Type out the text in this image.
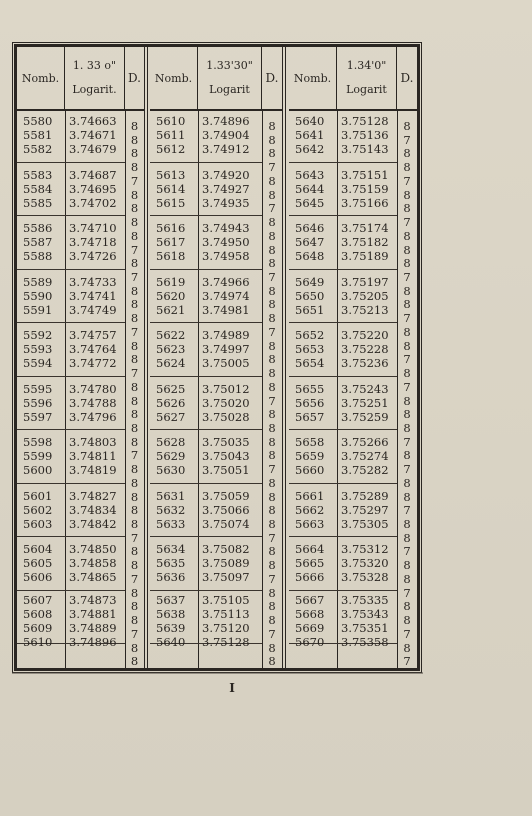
Nomb.
1. 33 o"
Logarit.
D.
5580 3.74663
5581 3.74671
5582 3.74679
5583 3.74687
5584 3.74695
5585 3.74702
5586 3.74710
5587 3.74718
5588 3.74726
5589 3.74733
5590 3.74741
5591 3.74749
5592 3.74757
5593 3.74764
5594 3.74772
5595 3.74780
5596 3.74788
5597 3.74796
5598 3.74803
5599 3.74811
5600 3.74819
5601 3.74827
5602 3.74834
5603 3.74842
5604 3.74850
5605 3.74858
5606 3.74865
5607 3.74873
5608 3.74881
5609 3.74889
5610 3.74896
8
8
8
8
7
8
8
8
8
7
8
7
8
8
8
7
8
8
7
8
8
8
8
8
7
8
8
8
8
8
7
8
8
7
8
8
8
7
8
8
Nomb.
1.33'30"
Logarit
D.
5610 3.74896
5611 3.74904
5612 3.74912
5613 3.74920
5614 3.74927
5615 3.74935
5616 3.74943
5617 3.74950
5618 3.74958
5619 3.74966
5620 3.74974
5621 3.74981
5622 3.74989
5623 3.74997
5624 3.75005
5625 3.75012
5626 3.75020
5627 3.75028
5628 3.75035
5629 3.75043
5630 3.75051
5631 3.75059
5632 3.75066
5633 3.75074
5634 3.75082
5635 3.75089
5636 3.75097
5637 3.75105
5638 3.75113
5639 3.75120
5640 3.75128
8
8
8
7
8
8
7
8
8
8
8
7
8
8
8
7
8
8
8
8
7
8
8
8
8
7
8
8
8
8
7
8
8
7
8
8
8
7
8
8
Nomb.
1.34'0"
Logarit
D.
5640 3.75128
5641 3.75136
5642 3.75143
5643 3.75151
5644 3.75159
5645 3.75166
5646 3.75174
5647 3.75182
5648 3.75189
5649 3.75197
5650 3.75205
5651 3.75213
5652 3.75220
5653 3.75228
5654 3.75236
5655 3.75243
5656 3.75251
5657 3.75259
5658 3.75266
5659 3.75274
5660 3.75282
5661 3.75289
5662 3.75297
5663 3.75305
5664 3.75312
5665 3.75320
5666 3.75328
5667 3.75335
5668 3.75343
5669 3.75351
5670 3.75358
8
7
8
8
7
8
8
7
8
8
8
7
8
8
7
8
8
7
8
7
8
8
8
7
8
7
8
8
7
8
8
7
8
8
7
8
8
7
8
7
I
